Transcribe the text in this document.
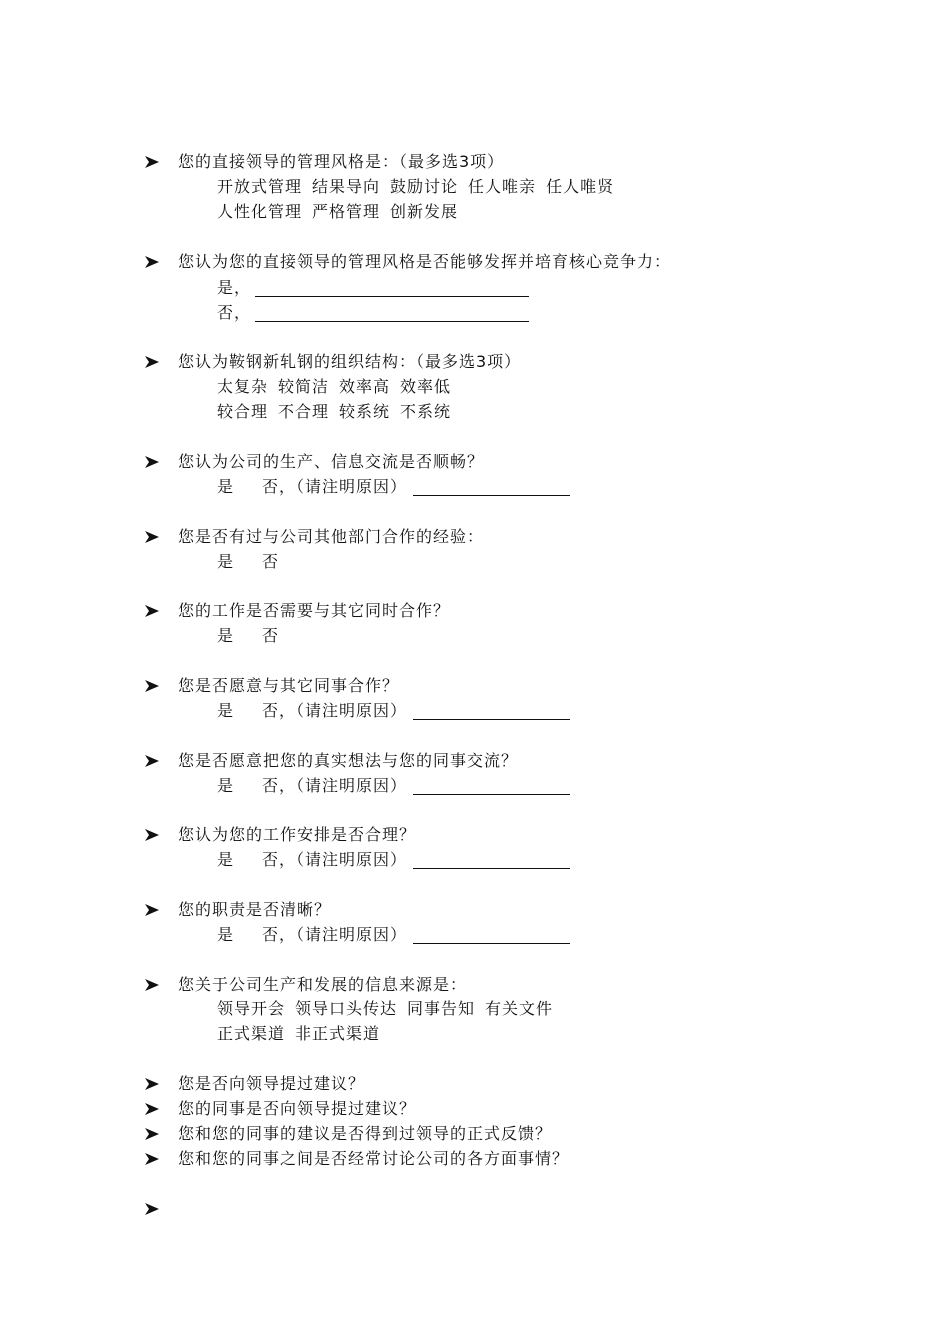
您的直接领导的管理风格是：（最多选3项）
开放式管理 结果导向 鼓励讨论 任人唯亲 任人唯贤
人性化管理 严格管理 创新发展
您认为您的直接领导的管理风格是否能够发挥并培育核心竞争力：
是，
否，
您认为鞍钢新轧钢的组织结构：（最多选3项）
太复杂 较简洁 效率高 效率低
较合理 不合理 较系统 不系统
您认为公司的生产、信息交流是否顺畅？
是 否，（请注明原因）
您是否有过与公司其他部门合作的经验：
是 否
您的工作是否需要与其它同时合作？
是 否
您是否愿意与其它同事合作？
是 否，（请注明原因）
您是否愿意把您的真实想法与您的同事交流？
是 否，（请注明原因）
您认为您的工作安排是否合理？
是 否，（请注明原因）
您的职责是否清晰？
是 否，（请注明原因）
您关于公司生产和发展的信息来源是：
领导开会 领导口头传达 同事告知 有关文件
正式渠道 非正式渠道
您是否向领导提过建议？
您的同事是否向领导提过建议？
您和您的同事的建议是否得到过领导的正式反馈？
您和您的同事之间是否经常讨论公司的各方面事情？
